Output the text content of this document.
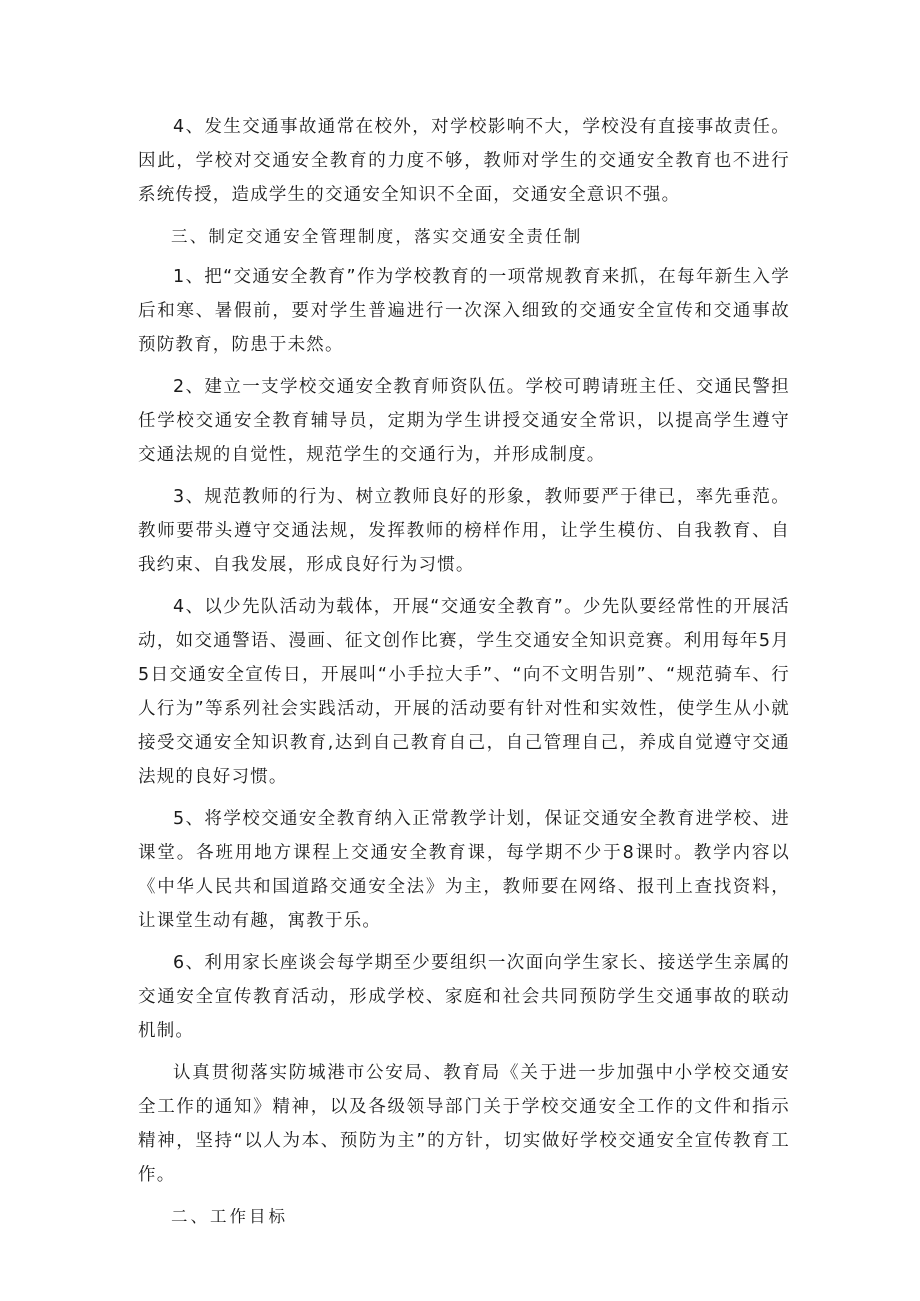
4、发生交通事故通常在校外，对学校影响不大，学校没有直接事故责任。因此，学校对交通安全教育的力度不够，教师对学生的交通安全教育也不进行系统传授，造成学生的交通安全知识不全面，交通安全意识不强。

三、制定交通安全管理制度，落实交通安全责任制

1、把“交通安全教育”作为学校教育的一项常规教育来抓，在每年新生入学后和寒、暑假前，要对学生普遍进行一次深入细致的交通安全宣传和交通事故预防教育，防患于未然。

2、建立一支学校交通安全教育师资队伍。学校可聘请班主任、交通民警担任学校交通安全教育辅导员，定期为学生讲授交通安全常识，以提高学生遵守交通法规的自觉性，规范学生的交通行为，并形成制度。

3、规范教师的行为、树立教师良好的形象，教师要严于律已，率先垂范。教师要带头遵守交通法规，发挥教师的榜样作用，让学生模仿、自我教育、自我约束、自我发展，形成良好行为习惯。

4、以少先队活动为载体，开展“交通安全教育”。少先队要经常性的开展活动，如交通警语、漫画、征文创作比赛，学生交通安全知识竞赛。利用每年5月5日交通安全宣传日，开展叫“小手拉大手”、“向不文明告别”、“规范骑车、行人行为”等系列社会实践活动，开展的活动要有针对性和实效性，使学生从小就接受交通安全知识教育,达到自己教育自己，自己管理自己，养成自觉遵守交通法规的良好习惯。

5、将学校交通安全教育纳入正常教学计划，保证交通安全教育进学校、进课堂。各班用地方课程上交通安全教育课，每学期不少于8课时。教学内容以《中华人民共和国道路交通安全法》为主，教师要在网络、报刊上查找资料，让课堂生动有趣，寓教于乐。

6、利用家长座谈会每学期至少要组织一次面向学生家长、接送学生亲属的交通安全宣传教育活动，形成学校、家庭和社会共同预防学生交通事故的联动机制。

认真贯彻落实防城港市公安局、教育局《关于进一步加强中小学校交通安全工作的通知》精神，以及各级领导部门关于学校交通安全工作的文件和指示精神，坚持“以人为本、预防为主”的方针，切实做好学校交通安全宣传教育工作。

二、工作目标
